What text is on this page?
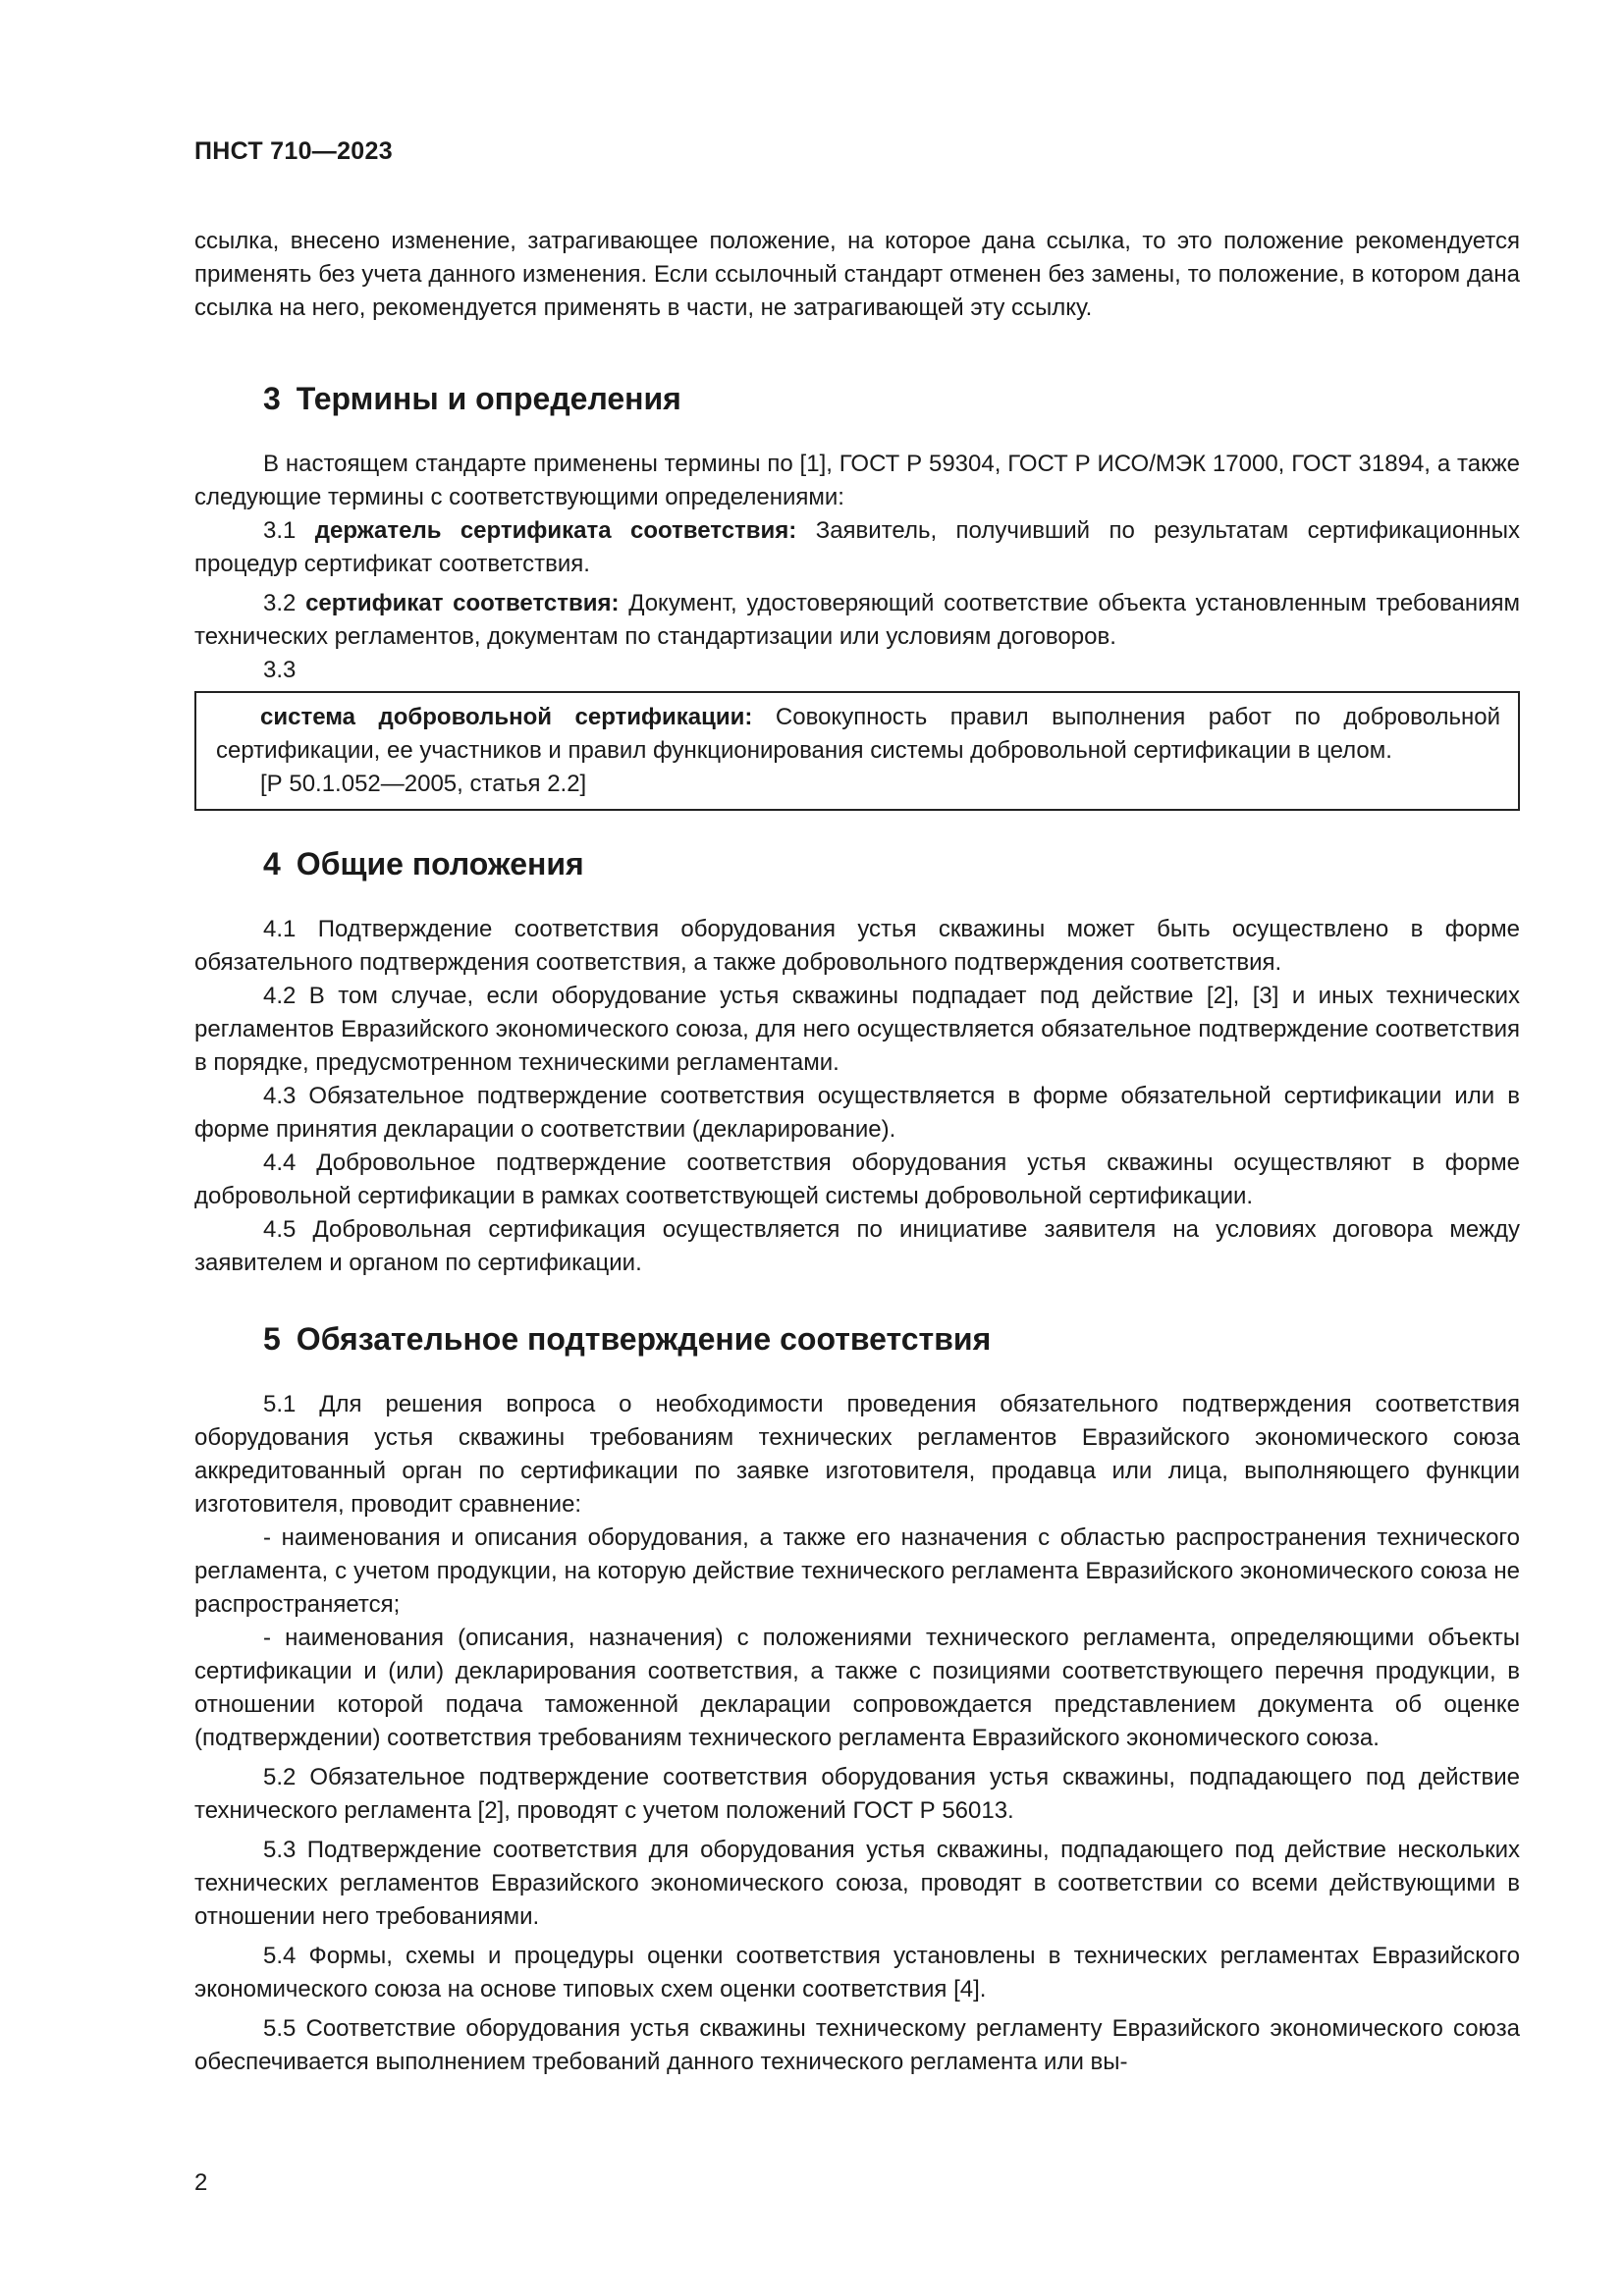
ПНСТ 710—2023

ссылка, внесено изменение, затрагивающее положение, на которое дана ссылка, то это положение рекомендуется применять без учета данного изменения. Если ссылочный стандарт отменен без замены, то положение, в котором дана ссылка на него, рекомендуется применять в части, не затрагивающей эту ссылку.

3 Термины и определения

В настоящем стандарте применены термины по [1], ГОСТ Р 59304, ГОСТ Р ИСО/МЭК 17000, ГОСТ 31894, а также следующие термины с соответствующими определениями:

3.1 держатель сертификата соответствия: Заявитель, получивший по результатам сертификационных процедур сертификат соответствия.

3.2 сертификат соответствия: Документ, удостоверяющий соответствие объекта установленным требованиям технических регламентов, документам по стандартизации или условиям договоров.

3.3

система добровольной сертификации: Совокупность правил выполнения работ по добровольной сертификации, ее участников и правил функционирования системы добровольной сертификации в целом.

[Р 50.1.052—2005, статья 2.2]

4 Общие положения

4.1 Подтверждение соответствия оборудования устья скважины может быть осуществлено в форме обязательного подтверждения соответствия, а также добровольного подтверждения соответствия.

4.2 В том случае, если оборудование устья скважины подпадает под действие [2], [3] и иных технических регламентов Евразийского экономического союза, для него осуществляется обязательное подтверждение соответствия в порядке, предусмотренном техническими регламентами.

4.3 Обязательное подтверждение соответствия осуществляется в форме обязательной сертификации или в форме принятия декларации о соответствии (декларирование).

4.4 Добровольное подтверждение соответствия оборудования устья скважины осуществляют в форме добровольной сертификации в рамках соответствующей системы добровольной сертификации.

4.5 Добровольная сертификация осуществляется по инициативе заявителя на условиях договора между заявителем и органом по сертификации.

5 Обязательное подтверждение соответствия

5.1 Для решения вопроса о необходимости проведения обязательного подтверждения соответствия оборудования устья скважины требованиям технических регламентов Евразийского экономического союза аккредитованный орган по сертификации по заявке изготовителя, продавца или лица, выполняющего функции изготовителя, проводит сравнение:

- наименования и описания оборудования, а также его назначения с областью распространения технического регламента, с учетом продукции, на которую действие технического регламента Евразийского экономического союза не распространяется;

- наименования (описания, назначения) с положениями технического регламента, определяющими объекты сертификации и (или) декларирования соответствия, а также с позициями соответствующего перечня продукции, в отношении которой подача таможенной декларации сопровождается представлением документа об оценке (подтверждении) соответствия требованиям технического регламента Евразийского экономического союза.

5.2 Обязательное подтверждение соответствия оборудования устья скважины, подпадающего под действие технического регламента [2], проводят с учетом положений ГОСТ Р 56013.

5.3 Подтверждение соответствия для оборудования устья скважины, подпадающего под действие нескольких технических регламентов Евразийского экономического союза, проводят в соответствии со всеми действующими в отношении него требованиями.

5.4 Формы, схемы и процедуры оценки соответствия установлены в технических регламентах Евразийского экономического союза на основе типовых схем оценки соответствия [4].

5.5 Соответствие оборудования устья скважины техническому регламенту Евразийского экономического союза обеспечивается выполнением требований данного технического регламента или вы-

2
